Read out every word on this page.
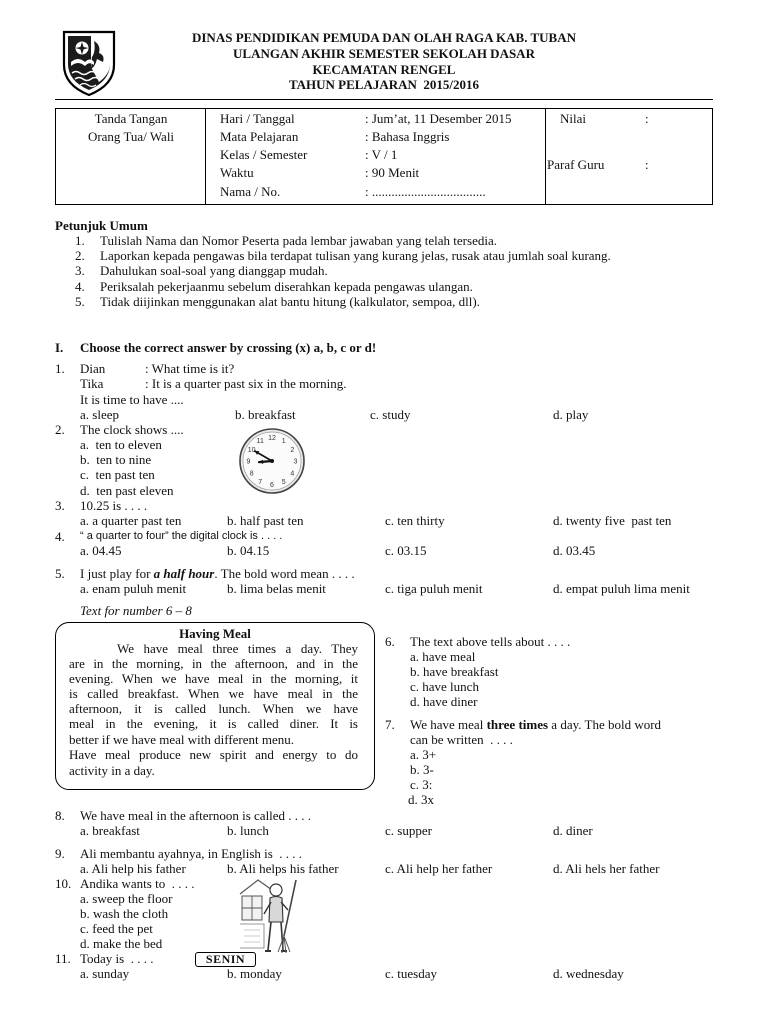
DINAS PENDIDIKAN PEMUDA DAN OLAH RAGA KAB. TUBAN
ULANGAN AKHIR SEMESTER SEKOLAH DASAR
KECAMATAN RENGEL
TAHUN PELAJARAN  2015/2016
Tanda Tangan
Orang Tua/ Wali
Hari / Tanggal	: Jum’at, 11 Desember 2015
Mata Pelajaran	: Bahasa Inggris
Kelas / Semester	: V / 1
Waktu	: 90 Menit
Nama / No.	: ...................................
Nilai	:
Paraf Guru	:
Petunjuk Umum
1. Tulislah Nama dan Nomor Peserta pada lembar jawaban yang telah tersedia.
2. Laporkan kepada pengawas bila terdapat tulisan yang kurang jelas, rusak atau jumlah soal kurang.
3. Dahulukan soal-soal yang dianggap mudah.
4. Periksalah pekerjaanmu sebelum diserahkan kepada pengawas ulangan.
5. Tidak diijinkan menggunakan alat bantu hitung (kalkulator, sempoa, dll).
I. Choose the correct answer by crossing (x) a, b, c or d!
1. Dian	: What time is it?
Tika	: It is a quarter past six in the morning.
It is time to have ....
a. sleep	b. breakfast	c. study	d. play
2. The clock shows ....
a.  ten to eleven
b.  ten to nine
c.  ten past ten
d.  ten past eleven
12 1
2
3
4
5
6
7
8
9
10
11
3. 10.25 is . . . .
a. a quarter past ten	b. half past ten	c. ten thirty	d. twenty five  past ten
4. “ a quarter to four” the digital clock is . . . .
a. 04.45	b. 04.15	c. 03.15	d. 03.45
5. I just play for a half hour. The bold word mean . . . .
a. enam puluh menit	b. lima belas menit	c. tiga puluh menit	d. empat puluh lima menit
Text for number 6 – 8
Having Meal
We have meal three times a day. They
are in the morning, in the afternoon, and in the
evening. When we have meal in the morning, it
is called breakfast. When we have meal in the
afternoon, it is called lunch. When we have
meal in the evening, it is called diner. It is
better if we have meal with different menu.
Have meal produce new spirit and energy to do
activity in a day.
6. The text above tells about . . . .
a. have meal
b. have breakfast
c. have lunch
d. have diner
7. We have meal three times a day. The bold word
can be written  . . . .
a. 3+
b. 3-
c. 3:
d. 3x
8. We have meal in the afternoon is called . . . .
a. breakfast	b. lunch	c. supper	d. diner
9. Ali membantu ayahnya, in English is  . . . .
a. Ali help his father	b. Ali helps his father	c. Ali help her father	d. Ali hels her father
10. Andika wants to  . . . .
a. sweep the floor
b. wash the cloth
c. feed the pet
d. make the bed
11. Today is  . . . .	SENIN
a. sunday	b. monday	c. tuesday	d. wednesday
